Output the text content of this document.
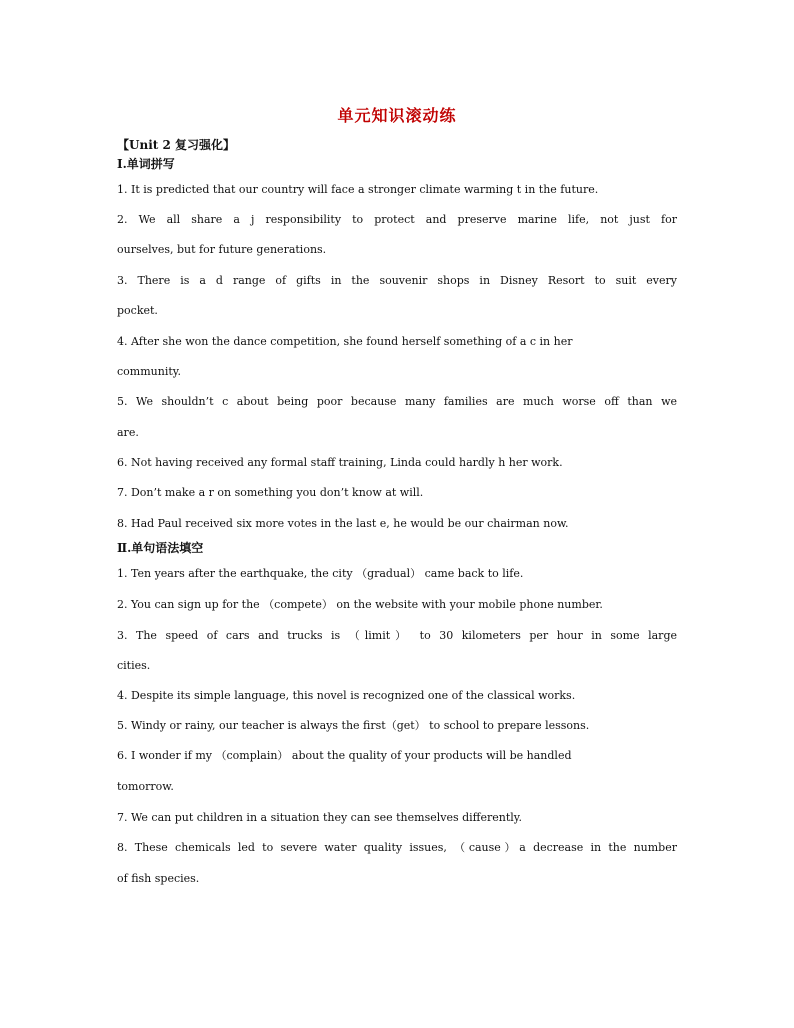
单元知识滚动练
【Unit 2 复习强化】
Ⅰ.单词拼写
1. It is predicted that our country will face a stronger climate warming t in the future.
2. We all share a j responsibility to protect and preserve marine life, not just for
ourselves, but for future generations.
3. There is a d range of gifts in the souvenir shops in Disney Resort to suit every
pocket.
4. After she won the dance competition, she found herself something of a c in her
community.
5. We shouldn’t c about being poor because many families are much worse off than we
are.
6. Not having received any formal staff training, Linda could hardly h her work.
7. Don’t make a r on something you don’t know at will.
8. Had Paul received six more votes in the last e, he would be our chairman now.
Ⅱ.单句语法填空
1. Ten years after the earthquake, the city （gradual） came back to life.
2. You can sign up for the （compete） on the website with your mobile phone number.
3. The speed of cars and trucks is （limit） to 30 kilometers per hour in some large
cities.
4. Despite its simple language, this novel is recognized one of the classical works.
5. Windy or rainy, our teacher is always the first（get） to school to prepare lessons.
6. I wonder if my （complain） about the quality of your products will be handled
tomorrow.
7. We can put children in a situation they can see themselves differently.
8. These chemicals led to severe water quality issues, （cause）a decrease in the number
of fish species.
